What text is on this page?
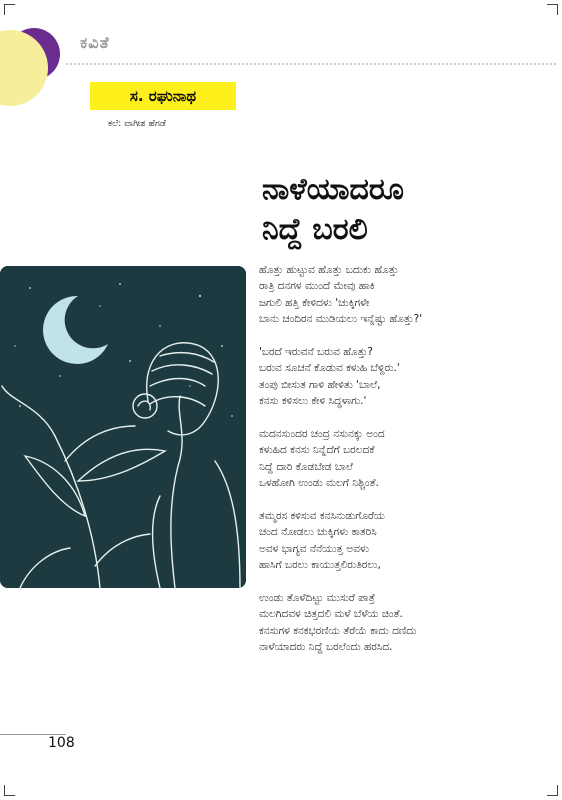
ಕವಿತೆ
ಸ. ರಘುನಾಥ
ಕಲೆ: ವಾಗೀಶ ಹೆಗಡೆ
ನಾಳೆಯಾದರೂ
ನಿದ್ದೆ ಬರಲಿ
ಹೊತ್ತು ಹುಟ್ಟುವ ಹೊತ್ತು ಬದುಕು ಹೊತ್ತು
ರಾತ್ರಿ ದನಗಳ ಮುಂದೆ ಮೇವು ಹಾಕಿ
ಜಗುಲಿ ಹತ್ತಿ ಕೇಳಿದಳು 'ಚುಕ್ಕಿಗಳೇ
ಬಾನು ಚಂದಿರನ ಮುಡಿಯಲು ಇನ್ನೆಷ್ಟು ಹೊತ್ತು?'
'ಬರದೆ ಇರುವನೆ ಬರುವ ಹೊತ್ತು?
ಬರುವ ಸೂಚನೆ ಕೊಡುವ ಕಳುಹಿ ಬೆಳ್ದಿರು.'
ತಂಪು ಬೀಸುತ ಗಾಳಿ ಹೇಳಿತು 'ಬಾಲೆ,
ಕನಸು ಕಳಿಸಲು ಕೇಳಿ ಸಿದ್ಧಳಾಗು.'
ಮದನಸುಂದರ ಚಂದ್ರ ನಸುನಕ್ಕು ಅಂದ
ಕಳುಹಿದ ಕನಸು ನಿನ್ನೆದೆಗೆ ಬರಲದಕೆ
ನಿದ್ದೆ ದಾರಿ ಕೊಡಬೇಡ ಬಾಲೆ
ಒಳಹೋಗಿ ಉಂಡು ಮಲಗೆ ನಿಶ್ಚಿಂತೆ.
ತಮ್ಮರಸ ಕಳಿಸುವ ಕನಸಿನುಡುಗೊರೆಯ
ಚಂದ ನೋಡಲು ಚುಕ್ಕಿಗಳು ಕಾತರಿಸಿ
ಅವಳ ಭಾಗ್ಯವ ನೆನೆಯುತ್ತ ಅವಳು
ಹಾಸಿಗೆ ಬರಲು ಕಾಯುತ್ತಲಿರುತಿರಲು,
ಉಂಡು ತೊಳೆದಿಟ್ಟು ಮುಸುರೆ ಪಾತ್ರೆ
ಮಲಗಿದವಳ ಚಿತ್ತದಲಿ ಮಳೆ ಬೆಳೆಯ ಚಿಂತೆ.
ಕನಸುಗಳ ಕನಕಭರಣಿಯ ತೆರೆಯೆ ಕಾದು ದಣಿದು
ನಾಳೆಯಾದರು ನಿದ್ದೆ ಬರಲೆಂದು ಹರಸಿದ.
108
